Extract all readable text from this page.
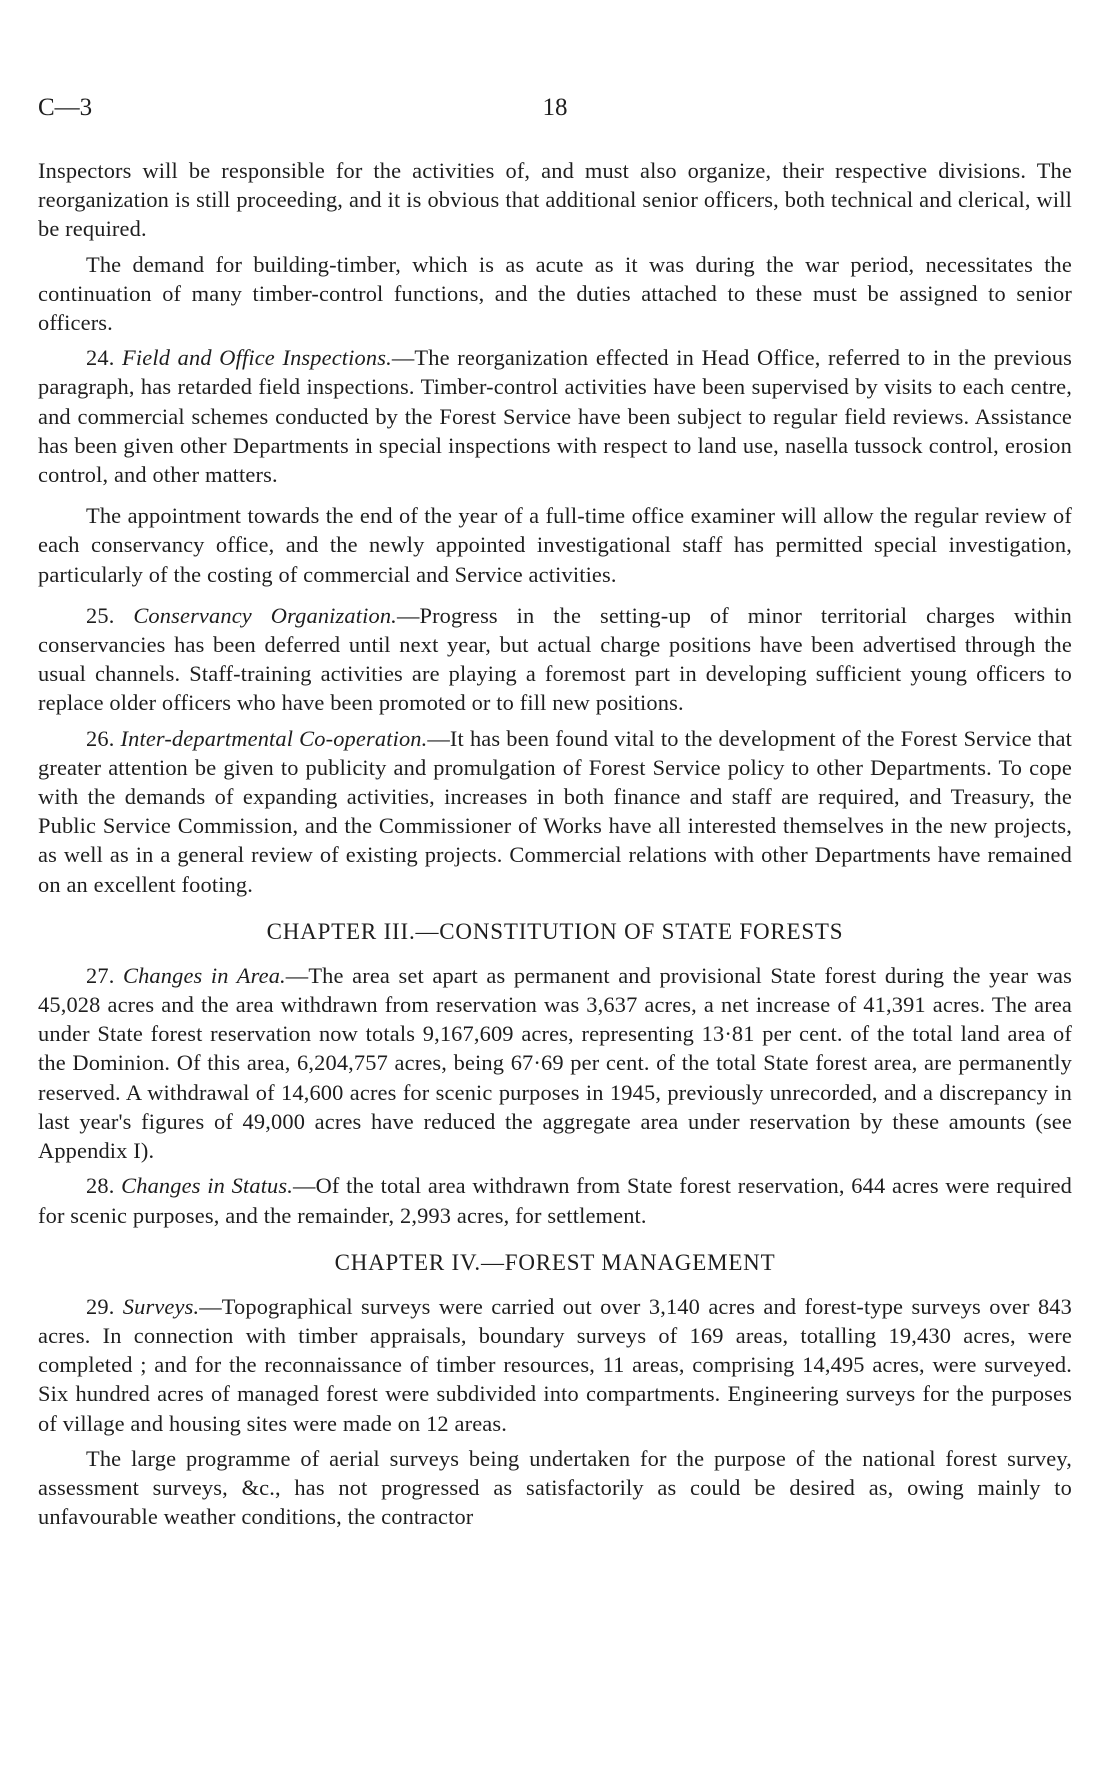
C—3	18

Inspectors will be responsible for the activities of, and must also organize, their respective divisions. The reorganization is still proceeding, and it is obvious that additional senior officers, both technical and clerical, will be required.

The demand for building-timber, which is as acute as it was during the war period, necessitates the continuation of many timber-control functions, and the duties attached to these must be assigned to senior officers.

24. Field and Office Inspections.—The reorganization effected in Head Office, referred to in the previous paragraph, has retarded field inspections. Timber-control activities have been supervised by visits to each centre, and commercial schemes conducted by the Forest Service have been subject to regular field reviews. Assistance has been given other Departments in special inspections with respect to land use, nasella tussock control, erosion control, and other matters.

The appointment towards the end of the year of a full-time office examiner will allow the regular review of each conservancy office, and the newly appointed investigational staff has permitted special investigation, particularly of the costing of commercial and Service activities.

25. Conservancy Organization.—Progress in the setting-up of minor territorial charges within conservancies has been deferred until next year, but actual charge positions have been advertised through the usual channels. Staff-training activities are playing a foremost part in developing sufficient young officers to replace older officers who have been promoted or to fill new positions.

26. Inter-departmental Co-operation.—It has been found vital to the development of the Forest Service that greater attention be given to publicity and promulgation of Forest Service policy to other Departments. To cope with the demands of expanding activities, increases in both finance and staff are required, and Treasury, the Public Service Commission, and the Commissioner of Works have all interested themselves in the new projects, as well as in a general review of existing projects. Commercial relations with other Departments have remained on an excellent footing.

CHAPTER III.—CONSTITUTION OF STATE FORESTS

27. Changes in Area.—The area set apart as permanent and provisional State forest during the year was 45,028 acres and the area withdrawn from reservation was 3,637 acres, a net increase of 41,391 acres. The area under State forest reservation now totals 9,167,609 acres, representing 13·81 per cent. of the total land area of the Dominion. Of this area, 6,204,757 acres, being 67·69 per cent. of the total State forest area, are permanently reserved. A withdrawal of 14,600 acres for scenic purposes in 1945, previously unrecorded, and a discrepancy in last year's figures of 49,000 acres have reduced the aggregate area under reservation by these amounts (see Appendix I).

28. Changes in Status.—Of the total area withdrawn from State forest reservation, 644 acres were required for scenic purposes, and the remainder, 2,993 acres, for settlement.

CHAPTER IV.—FOREST MANAGEMENT

29. Surveys.—Topographical surveys were carried out over 3,140 acres and forest-type surveys over 843 acres. In connection with timber appraisals, boundary surveys of 169 areas, totalling 19,430 acres, were completed ; and for the reconnaissance of timber resources, 11 areas, comprising 14,495 acres, were surveyed. Six hundred acres of managed forest were subdivided into compartments. Engineering surveys for the purposes of village and housing sites were made on 12 areas.

The large programme of aerial surveys being undertaken for the purpose of the national forest survey, assessment surveys, &c., has not progressed as satisfactorily as could be desired as, owing mainly to unfavourable weather conditions, the contractor
